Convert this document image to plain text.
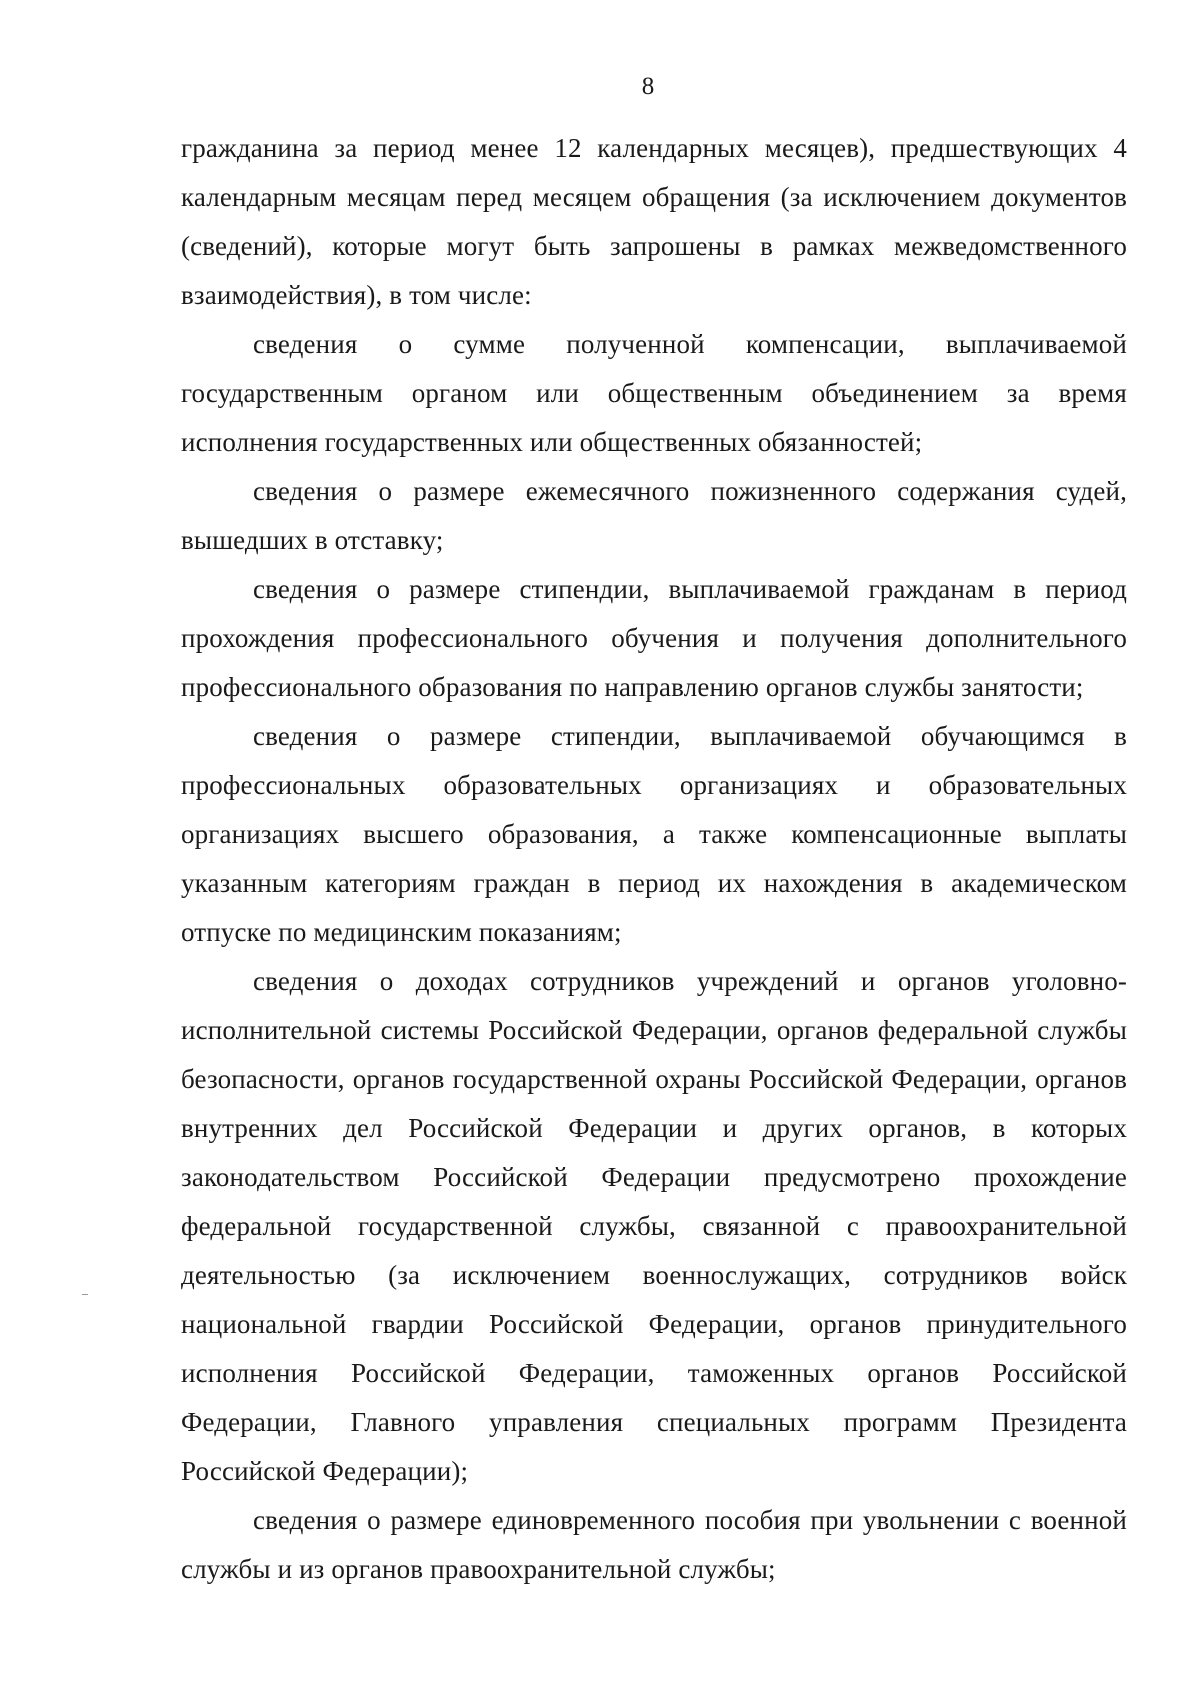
8

гражданина за период менее 12 календарных месяцев), предшествующих 4 календарным месяцам перед месяцем обращения (за исключением документов (сведений), которые могут быть запрошены в рамках межведомственного взаимодействия), в том числе:

сведения о сумме полученной компенсации, выплачиваемой государственным органом или общественным объединением за время исполнения государственных или общественных обязанностей;

сведения о размере ежемесячного пожизненного содержания судей, вышедших в отставку;

сведения о размере стипендии, выплачиваемой гражданам в период прохождения профессионального обучения и получения дополнительного профессионального образования по направлению органов службы занятости;

сведения о размере стипендии, выплачиваемой обучающимся в профессиональных образовательных организациях и образовательных организациях высшего образования, а также компенсационные выплаты указанным категориям граждан в период их нахождения в академическом отпуске по медицинским показаниям;

сведения о доходах сотрудников учреждений и органов уголовно-исполнительной системы Российской Федерации, органов федеральной службы безопасности, органов государственной охраны Российской Федерации, органов внутренних дел Российской Федерации и других органов, в которых законодательством Российской Федерации предусмотрено прохождение федеральной государственной службы, связанной с правоохранительной деятельностью (за исключением военнослужащих, сотрудников войск национальной гвардии Российской Федерации, органов принудительного исполнения Российской Федерации, таможенных органов Российской Федерации, Главного управления специальных программ Президента Российской Федерации);

сведения о размере единовременного пособия при увольнении с военной службы и из органов правоохранительной службы;
